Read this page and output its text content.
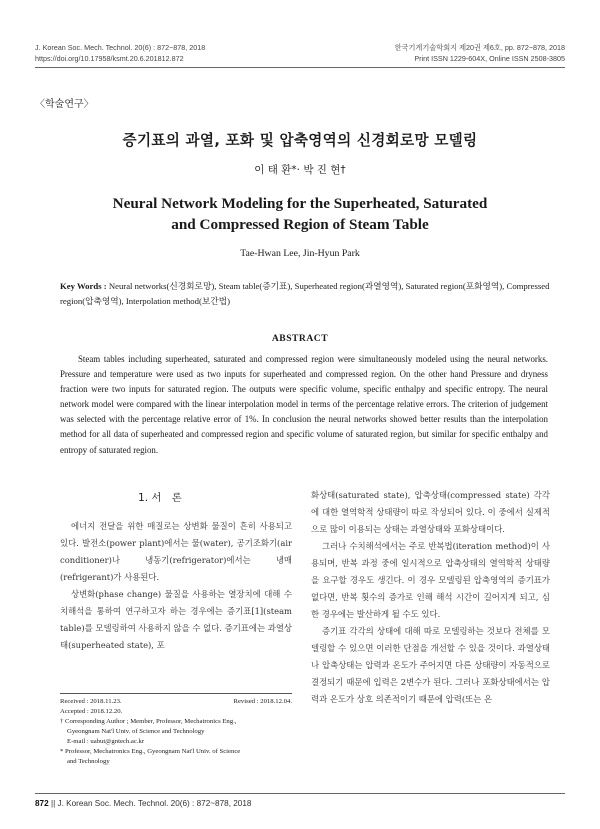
J. Korean Soc. Mech. Technol. 20(6) : 872~878, 2018
https://doi.org/10.17958/ksmt.20.6.201812.872
한국기계기술학회지 제20권 제6호, pp. 872~878, 2018
Print ISSN 1229-604X, Online ISSN 2508-3805
〈학술연구〉
증기표의 과열, 포화 및 압축영역의 신경회로망 모델링
이 태 환*· 박 진 현†
Neural Network Modeling for the Superheated, Saturated
and Compressed Region of Steam Table
Tae-Hwan Lee, Jin-Hyun Park
Key Words : Neural networks(신경회로망), Steam table(증기표), Superheated region(과열영역), Saturated region(포화영역), Compressed region(압축영역), Interpolation method(보간법)
ABSTRACT
Steam tables including superheated, saturated and compressed region were simultaneously modeled using the neural networks. Pressure and temperature were used as two inputs for superheated and compressed region. On the other hand Pressure and dryness fraction were two inputs for saturated region. The outputs were specific volume, specific enthalpy and specific entropy. The neural network model were compared with the linear interpolation model in terms of the percentage relative errors. The criterion of judgement was selected with the percentage relative error of 1%. In conclusion the neural networks showed better results than the interpolation method for all data of superheated and compressed region and specific volume of saturated region, but similar for specific enthalpy and entropy of saturated region.
1. 서　론

에너지 전달을 위한 매질로는 상변화 물질이 흔히 사용되고 있다. 발전소(power plant)에서는 물(water), 공기조화기(air conditioner)나 냉동기(refrigerator)에서는 냉매(refrigerant)가 사용된다.

상변화(phase change) 물질을 사용하는 열장치에 대해 수치해석을 통하여 연구하고자 하는 경우에는 증기표[1](steam table)를 모델링하여 사용하지 않을 수 없다. 증기표에는 과열상태(superheated state), 포

화상태(saturated state), 압축상태(compressed state) 각각에 대한 열역학적 상태량이 따로 작성되어 있다. 이 중에서 실제적으로 많이 이용되는 상태는 과열상태와 포화상태이다.

그러나 수치해석에서는 주로 반복법(iteration method)이 사용되며, 반복 과정 중에 일시적으로 압축상태의 열역학적 상태량을 요구할 경우도 생긴다. 이 경우 모델링된 압축영역의 증기표가 없다면, 반복 횟수의 증가로 인해 해석 시간이 길어지게 되고, 심한 경우에는 발산하게 될 수도 있다.

증기표 각각의 상태에 대해 따로 모델링하는 것보다 전체를 모델링할 수 있으면 이러한 단점을 개선할 수 있을 것이다. 과열상태나 압축상태는 압력과 온도가 주어지면 다른 상태량이 자동적으로 결정되기 때문에 입력은 2변수가 된다. 그러나 포화상태에서는 압력과 온도가 상호 의존적이기 때문에 압력(또는 온

Received : 2018.11.23.	Revised : 2018.12.04.
Accepted : 2018.12.20.
† Corresponding Author ; Member, Professor, Mechatronics Eng.,
Gyeongnam Nat'l Univ. of Science and Technology
E-mail : uabut@gntech.ac.kr
* Professor, Mechatronics Eng., Gyeongnam Nat'l Univ. of Science
and Technology
872 || J. Korean Soc. Mech. Technol. 20(6) : 872~878, 2018
